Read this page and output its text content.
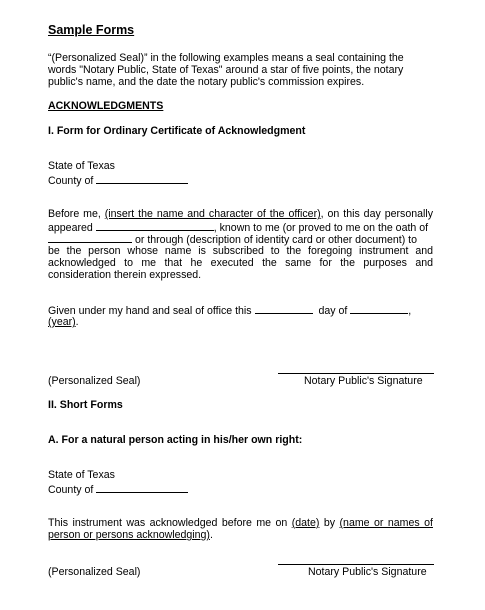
Sample Forms
“(Personalized Seal)” in the following examples means a seal containing the
words "Notary Public, State of Texas" around a star of five points, the notary
public's name, and the date the notary public's commission expires.
ACKNOWLEDGMENTS
I. Form for Ordinary Certificate of Acknowledgment
State of Texas
County of
Before me, (insert the name and character of the officer), on this day personally
appeared	, known to me (or proved to me on the oath of
or through (description of identity card or other document) to
be the person whose name is subscribed to the foregoing instrument and
acknowledged to me that he executed the same for the purposes and
consideration therein expressed.
Given under my hand and seal of office this	day of	,
(year).
(Personalized Seal)	Notary Public's Signature
II. Short Forms
A. For a natural person acting in his/her own right:
State of Texas
County of
This instrument was acknowledged before me on (date) by (name or names of
person or persons acknowledging).
(Personalized Seal)	Notary Public's Signature
